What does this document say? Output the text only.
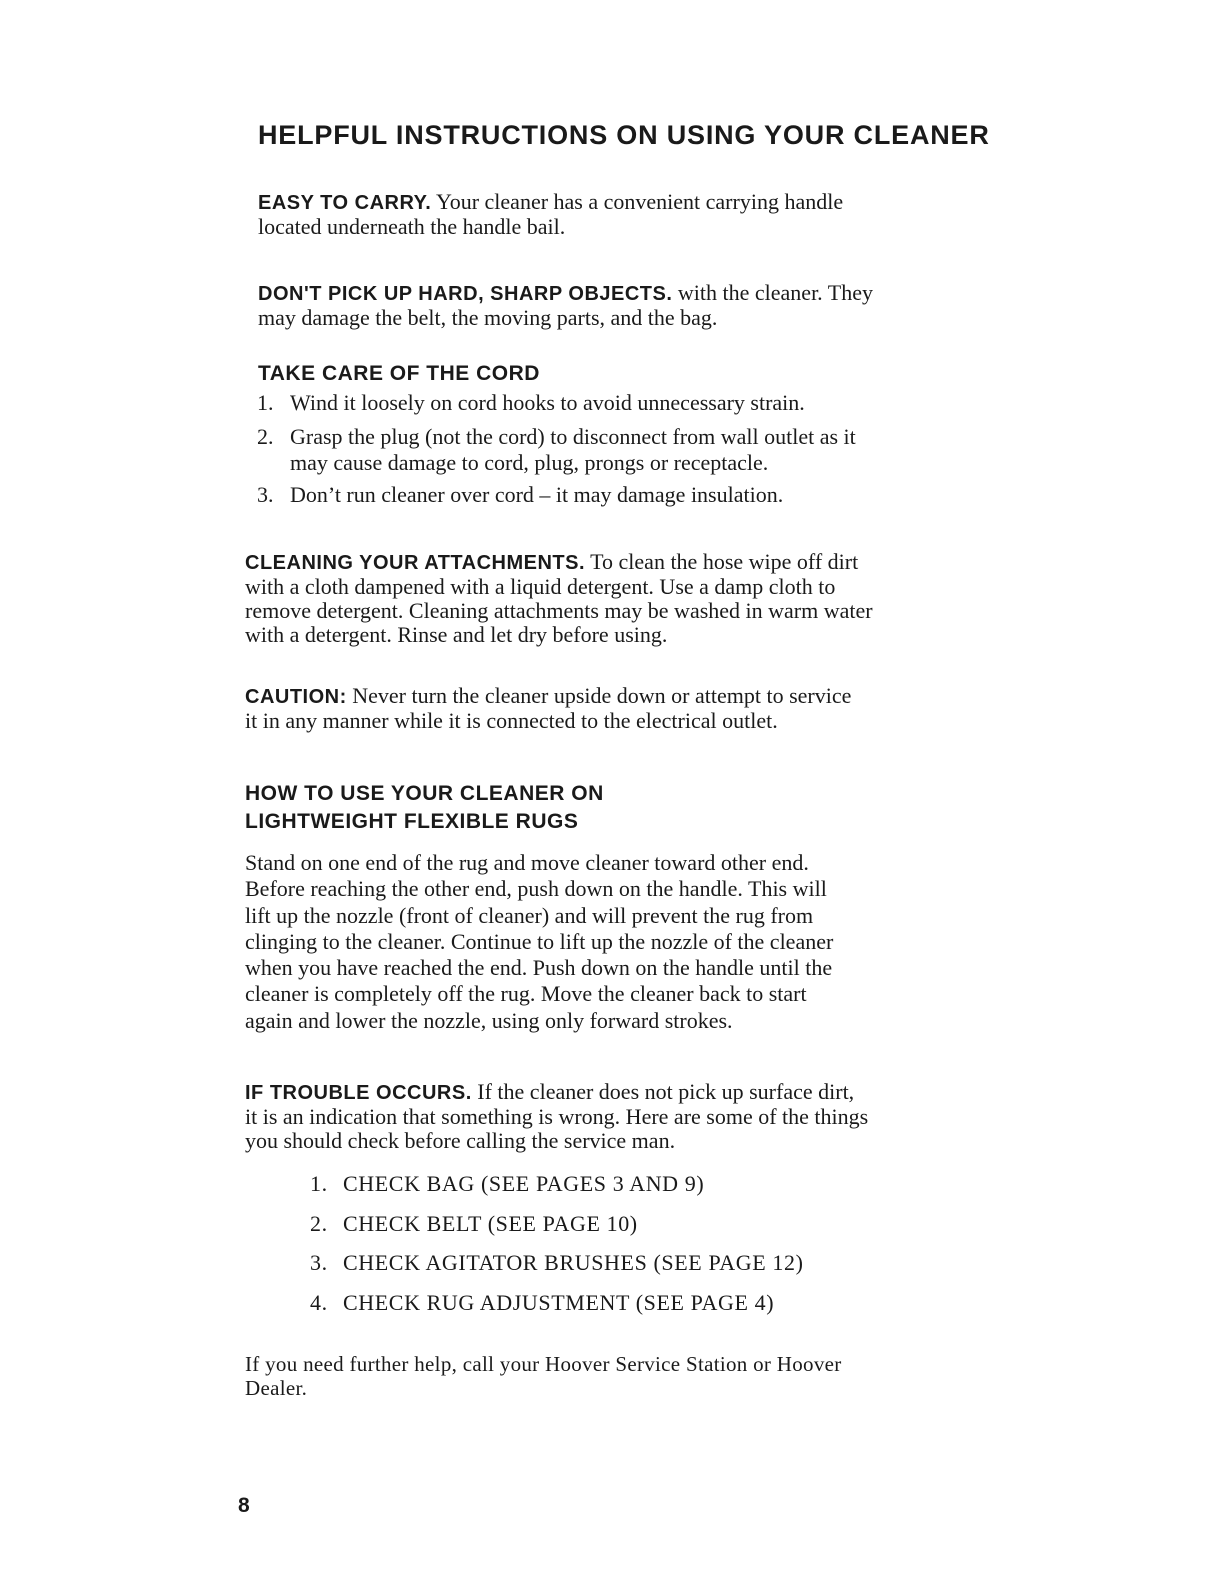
HELPFUL INSTRUCTIONS ON USING YOUR CLEANER
EASY TO CARRY. Your cleaner has a convenient carrying handle
located underneath the handle bail.
DON'T PICK UP HARD, SHARP OBJECTS. with the cleaner. They
may damage the belt, the moving parts, and the bag.
TAKE CARE OF THE CORD
1. Wind it loosely on cord hooks to avoid unnecessary strain.
2. Grasp the plug (not the cord) to disconnect from wall outlet as it
may cause damage to cord, plug, prongs or receptacle.
3. Don’t run cleaner over cord – it may damage insulation.
CLEANING YOUR ATTACHMENTS. To clean the hose wipe off dirt
with a cloth dampened with a liquid detergent. Use a damp cloth to
remove detergent. Cleaning attachments may be washed in warm water
with a detergent. Rinse and let dry before using.
CAUTION: Never turn the cleaner upside down or attempt to service
it in any manner while it is connected to the electrical outlet.
HOW TO USE YOUR CLEANER ON
LIGHTWEIGHT FLEXIBLE RUGS
Stand on one end of the rug and move cleaner toward other end.
Before reaching the other end, push down on the handle. This will
lift up the nozzle (front of cleaner) and will prevent the rug from
clinging to the cleaner. Continue to lift up the nozzle of the cleaner
when you have reached the end. Push down on the handle until the
cleaner is completely off the rug. Move the cleaner back to start
again and lower the nozzle, using only forward strokes.
IF TROUBLE OCCURS. If the cleaner does not pick up surface dirt,
it is an indication that something is wrong. Here are some of the things
you should check before calling the service man.
1. CHECK BAG (SEE PAGES 3 AND 9)
2. CHECK BELT (SEE PAGE 10)
3. CHECK AGITATOR BRUSHES (SEE PAGE 12)
4. CHECK RUG ADJUSTMENT (SEE PAGE 4)
If you need further help, call your Hoover Service Station or Hoover
Dealer.
8
